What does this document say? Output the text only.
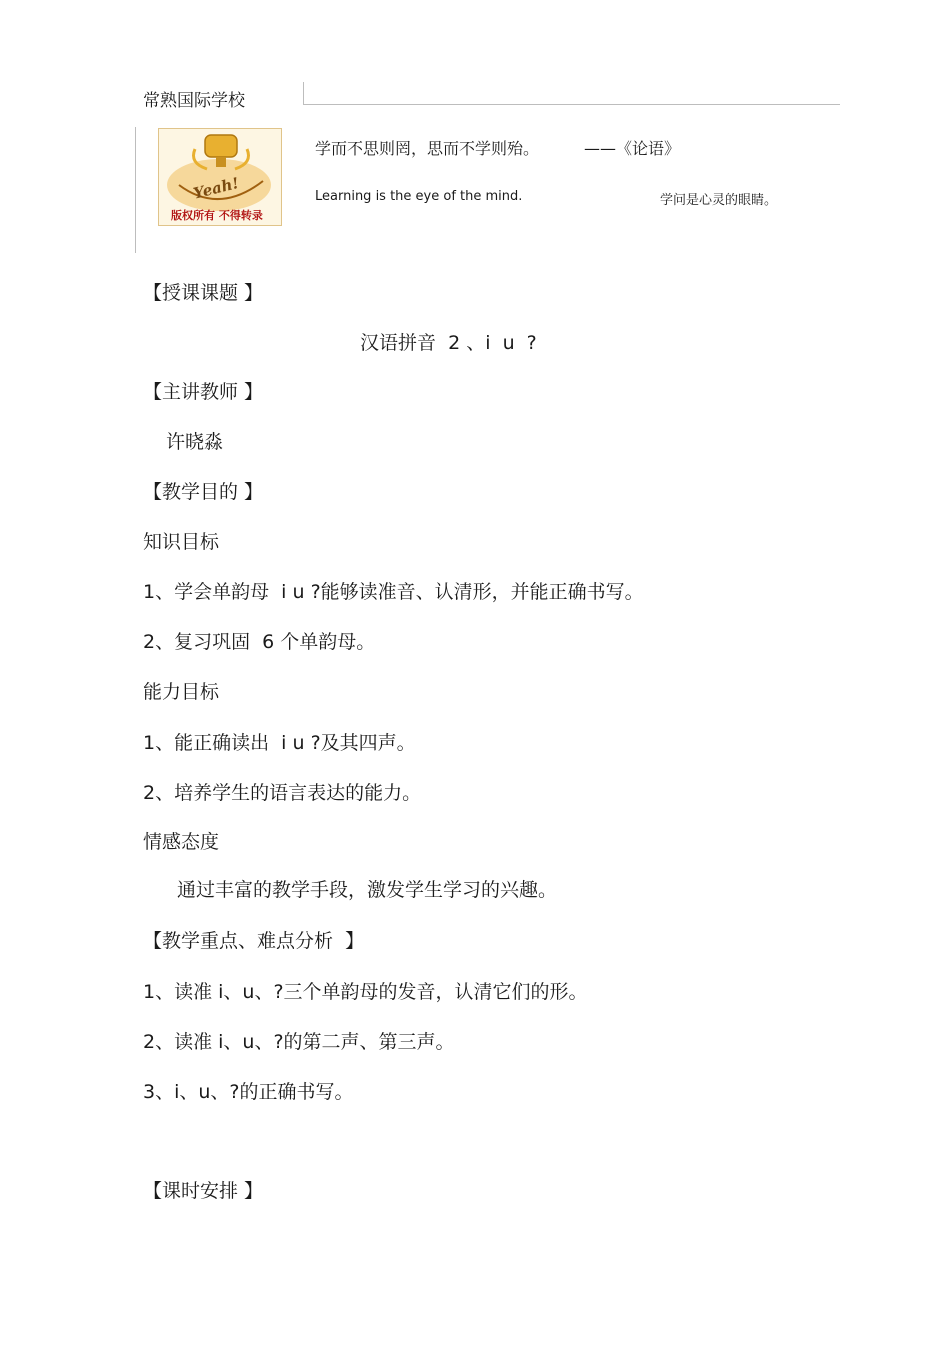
常熟国际学校
Yeah!
版权所有 不得转录
学而不思则罔，思而不学则殆。	——《论语》
Learning is the eye of the mind.	学问是心灵的眼睛。
【授课课题 】
汉语拼音  2 、i  u  ?
【主讲教师 】
许晓淼
【教学目的 】
知识目标
1、学会单韵母  i u ?能够读准音、认清形，并能正确书写。
2、复习巩固  6 个单韵母。
能力目标
1、能正确读出  i u ?及其四声。
2、培养学生的语言表达的能力。
情感态度
通过丰富的教学手段，激发学生学习的兴趣。
【教学重点、难点分析  】
1、读准 i、u、?三个单韵母的发音，认清它们的形。
2、读准 i、u、?的第二声、第三声。
3、i、u、?的正确书写。
【课时安排 】
